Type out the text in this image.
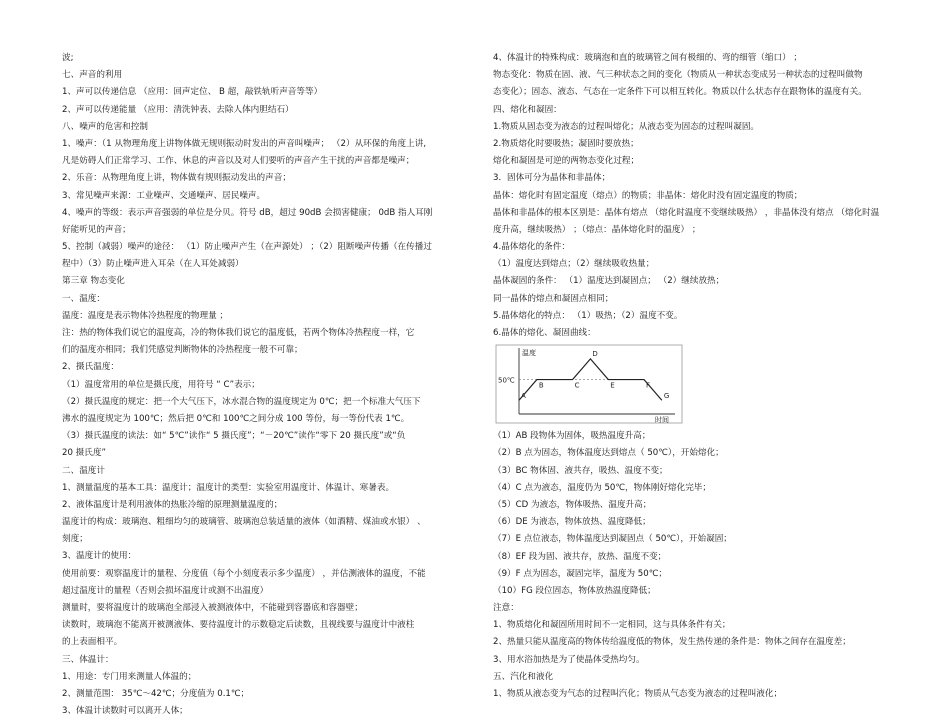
波;
七、声音的利用
1、声可以传递信息 （应用：回声定位、 B 超，敲铁轨听声音等等）
2、声可以传递能量 （应用：清洗钟表、去除人体内胆结石）
八、噪声的危害和控制
1、噪声：（1 从物理角度上讲物体做无规则振动时发出的声音叫噪声； （2）从环保的角度上讲,
凡是妨碍人们正常学习、工作、休息的声音以及对人们要听的声音产生干扰的声音都是噪声；
2、乐音：从物理角度上讲，物体做有规则振动发出的声音；
3、常见噪声来源：工业噪声、交通噪声、居民噪声。
4、噪声的等级：表示声音强弱的单位是分贝。符号 dB，超过 90dB 会损害健康； 0dB 指人耳刚
好能听见的声音；
5、控制（减弱）噪声的途径： （1）防止噪声产生（在声源处） ；（2）阻断噪声传播（在传播过
程中）（3）防止噪声进入耳朵（在人耳处减弱）
第三章 物态变化
一、温度：
温度：温度是表示物体冷热程度的物理量 ；
注：热的物体我们说它的温度高，冷的物体我们说它的温度低，若两个物体冷热程度一样，它
们的温度亦相同；我们凭感觉判断物体的冷热程度一般不可靠；
2、摄氏温度：
（1）温度常用的单位是摄氏度，用符号 “ C”表示；
（2）摄氏温度的规定：把一个大气压下，冰水混合物的温度规定为 0℃；把一个标准大气压下
沸水的温度规定为 100℃；然后把 0℃和 100℃之间分成 100 等份，每一等份代表 1℃。
（3）摄氏温度的读法：如“ 5℃”读作“ 5 摄氏度”；“－20℃”读作“零下 20 摄氏度”或“负
20 摄氏度”
二、温度计
1、测量温度的基本工具：温度计；温度计的类型：实验室用温度计、体温计、寒暑表。
2、液体温度计是利用液体的热胀冷缩的原理测量温度的；
温度计的构成：玻璃泡、粗细均匀的玻璃管、玻璃泡总装适量的液体（如酒精、煤油或水银） 、
刻度；
3、温度计的使用：
使用前要：观察温度计的量程、分度值（每个小刻度表示多少温度） ，并估测液体的温度，不能
超过温度计的量程（否则会损坏温度计或测不出温度）
测量时，要将温度计的玻璃泡全部浸入被测液体中，不能碰到容器底和容器壁；
读数时，玻璃泡不能离开被测液体、要待温度计的示数稳定后读数，且视线要与温度计中液柱
的上表面相平。
三、体温计：
1、用途：专门用来测量人体温的；
2、测量范围： 35℃～42℃；分度值为 0.1℃；
3、体温计读数时可以离开人体；
4、体温计的特殊构成：玻璃泡和直的玻璃管之间有极细的、弯的细管（缩口） ；
物态变化：物质在固、液、气三种状态之间的变化（物质从一种状态变成另一种状态的过程叫做物
态变化）；固态、液态、气态在一定条件下可以相互转化。物质以什么状态存在跟物体的温度有关。
四、熔化和凝固：
1.物质从固态变为液态的过程叫熔化；从液态变为固态的过程叫凝固。
2.物质熔化时要吸热；凝固时要放热；
熔化和凝固是可逆的两物态变化过程；
3．固体可分为晶体和非晶体；
晶体：熔化时有固定温度（熔点）的物质；非晶体：熔化时没有固定温度的物质；
晶体和非晶体的根本区别是：晶体有熔点 （熔化时温度不变继续吸热） ，非晶体没有熔点 （熔化时温
度升高，继续吸热） ；（熔点：晶体熔化时的温度） ；
4.晶体熔化的条件：
（1）温度达到熔点；（2）继续吸收热量；
晶体凝固的条件： （1）温度达到凝固点； （2）继续放热；
同一晶体的熔点和凝固点相同；
5.晶体熔化的特点： （1）吸热；（2）温度不变。
6.晶体的熔化、凝固曲线：
温度
时间
50℃
A
B	C
D
E	F
G
（1）AB 段物体为固体，吸热温度升高；
（2）B 点为固态，物体温度达到熔点（ 50℃），开始熔化；
（3）BC 物体固、液共存，吸热、温度不变；
（4）C 点为液态，温度仍为 50℃，物体刚好熔化完毕；
（5）CD 为液态，物体吸热、温度升高；
（6）DE 为液态，物体放热、温度降低；
（7）E 点位液态，物体温度达到凝固点（ 50℃），开始凝固；
（8）EF 段为固、液共存，放热、温度不变；
（9）F 点为固态，凝固完毕，温度为 50℃；
（10）FG 段位固态，物体放热温度降低；
注意：
1、物质熔化和凝固所用时间不一定相同，这与具体条件有关；
2、热量只能从温度高的物体传给温度低的物体，发生热传递的条件是：物体之间存在温度差；
3、用水浴加热是为了使晶体受热均匀。
五、汽化和液化
1、物质从液态变为气态的过程叫汽化；物质从气态变为液态的过程叫液化；
